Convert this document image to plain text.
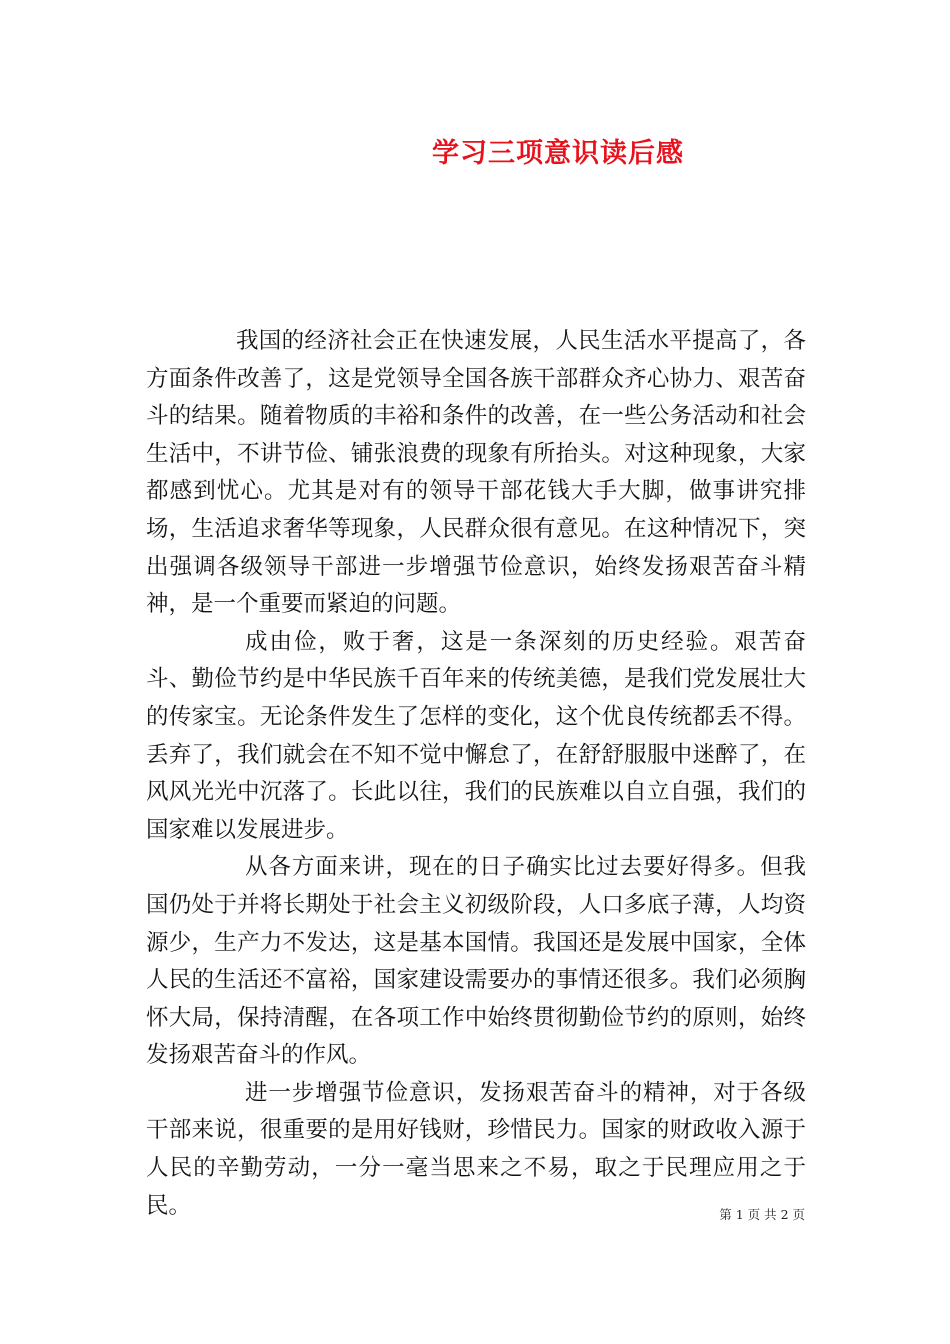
学习三项意识读后感

我国的经济社会正在快速发展，人民生活水平提高了，各方面条件改善了，这是党领导全国各族干部群众齐心协力、艰苦奋斗的结果。随着物质的丰裕和条件的改善，在一些公务活动和社会生活中，不讲节俭、铺张浪费的现象有所抬头。对这种现象，大家都感到忧心。尤其是对有的领导干部花钱大手大脚，做事讲究排场，生活追求奢华等现象，人民群众很有意见。在这种情况下，突出强调各级领导干部进一步增强节俭意识，始终发扬艰苦奋斗精神，是一个重要而紧迫的问题。

成由俭，败于奢，这是一条深刻的历史经验。艰苦奋斗、勤俭节约是中华民族千百年来的传统美德，是我们党发展壮大的传家宝。无论条件发生了怎样的变化，这个优良传统都丢不得。丢弃了，我们就会在不知不觉中懈怠了，在舒舒服服中迷醉了，在风风光光中沉落了。长此以往，我们的民族难以自立自强，我们的国家难以发展进步。

从各方面来讲，现在的日子确实比过去要好得多。但我国仍处于并将长期处于社会主义初级阶段，人口多底子薄，人均资源少，生产力不发达，这是基本国情。我国还是发展中国家，全体人民的生活还不富裕，国家建设需要办的事情还很多。我们必须胸怀大局，保持清醒，在各项工作中始终贯彻勤俭节约的原则，始终发扬艰苦奋斗的作风。

进一步增强节俭意识，发扬艰苦奋斗的精神，对于各级干部来说，很重要的是用好钱财，珍惜民力。国家的财政收入源于人民的辛勤劳动，一分一毫当思来之不易，取之于民理应用之于民。	第 1 页 共 2 页
